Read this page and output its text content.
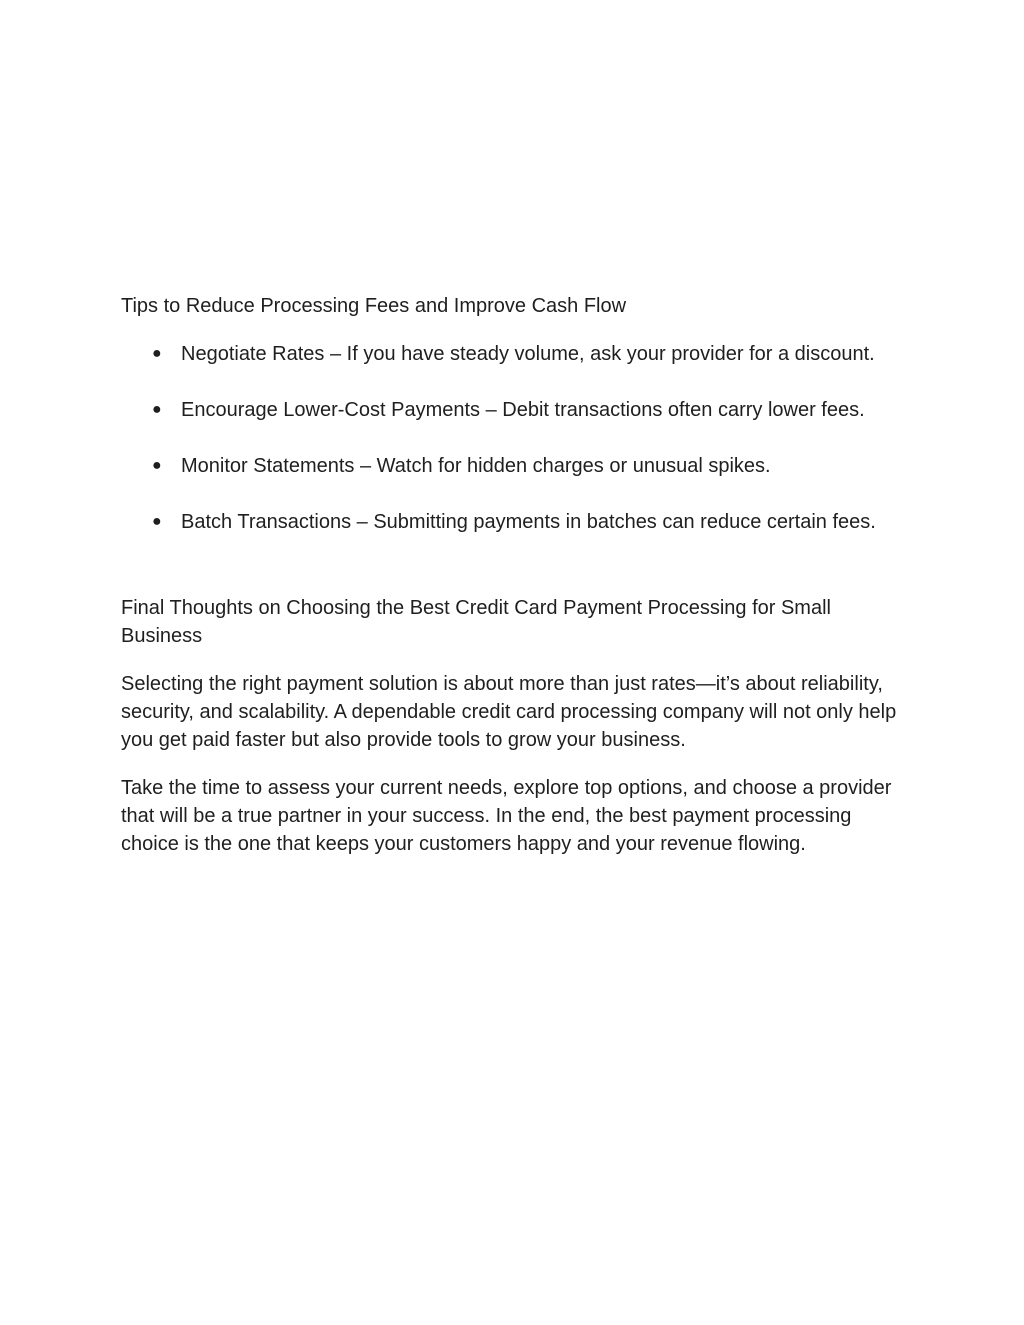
Tips to Reduce Processing Fees and Improve Cash Flow
● Negotiate Rates – If you have steady volume, ask your provider for a discount.
● Encourage Lower-Cost Payments – Debit transactions often carry lower fees.
● Monitor Statements – Watch for hidden charges or unusual spikes.
● Batch Transactions – Submitting payments in batches can reduce certain fees.
Final Thoughts on Choosing the Best Credit Card Payment Processing for Small Business

Selecting the right payment solution is about more than just rates—it’s about reliability, security, and scalability. A dependable credit card processing company will not only help you get paid faster but also provide tools to grow your business.

Take the time to assess your current needs, explore top options, and choose a provider that will be a true partner in your success. In the end, the best payment processing choice is the one that keeps your customers happy and your revenue flowing.
